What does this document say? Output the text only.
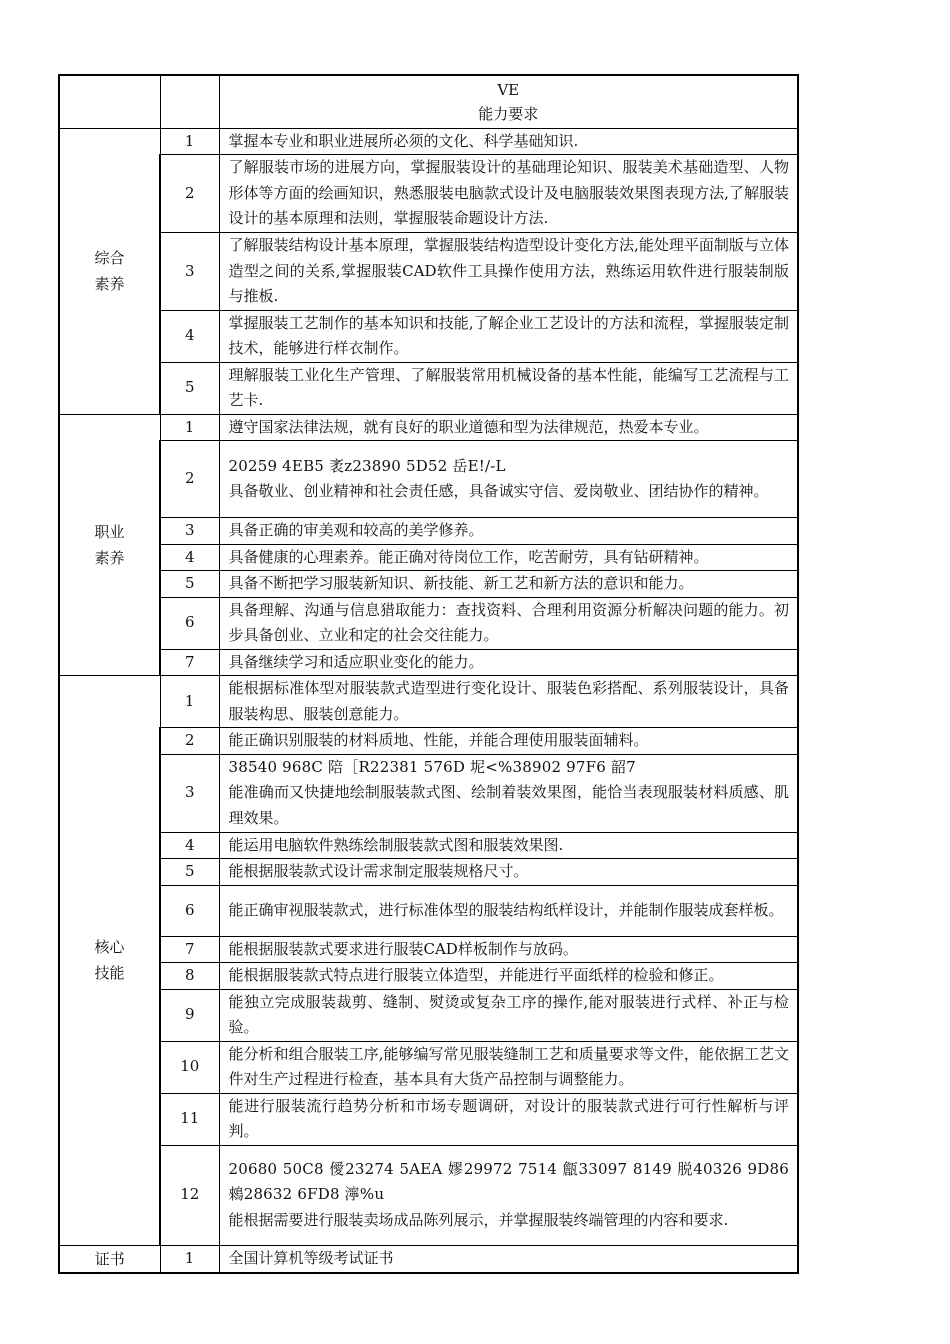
		VE
能力要求

综合
素养	1	掌握本专业和职业进展所必须的文化、科学基础知识.

	2	了解服装市场的进展方向，掌握服装设计的基础理论知识、服装美术基础造型、人物形体等方面的绘画知识，熟悉服装电脑款式设计及电脑服装效果图表现方法,了解服装设计的基本原理和法则，掌握服装命题设计方法.

	3	了解服装结构设计基本原理，掌握服装结构造型设计变化方法,能处理平面制版与立体造型之间的关系,掌握服装CAD软件工具操作使用方法，熟练运用软件进行服装制版与推板.

	4	掌握服装工艺制作的基本知识和技能,了解企业工艺设计的方法和流程，掌握服装定制技术，能够进行样衣制作。

	5	理解服装工业化生产管理、了解服装常用机械设备的基本性能，能编写工艺流程与工艺卡.

职业
素养	1	遵守国家法律法规，就有良好的职业道德和型为法律规范，热爱本专业。

	2	20259 4EB5 袤z23890 5D52 岳E!/-L
具备敬业、创业精神和社会责任感，具备诚实守信、爱岗敬业、团结协作的精神。

	3	具备正确的审美观和较高的美学修养。

	4	具备健康的心理素养。能正确对待岗位工作，吃苦耐劳，具有钻研精神。

	5	具备不断把学习服装新知识、新技能、新工艺和新方法的意识和能力。

	6	具备理解、沟通与信息猎取能力：查找资料、合理利用资源分析解决问题的能力。初步具备创业、立业和定的社会交往能力。

	7	具备继续学习和适应职业变化的能力。

核心
技能	1	能根据标准体型对服装款式造型进行变化设计、服装色彩搭配、系列服装设计，具备服装构思、服装创意能力。

	2	能正确识别服装的材料质地、性能，并能合理使用服装面辅料。

	3	38540 968C 陪［R22381 576D 坭<%38902 97F6 韶7
能准确而又快捷地绘制服装款式图、绘制着装效果图，能恰当表现服装材料质感、肌理效果。

	4	能运用电脑软件熟练绘制服装款式图和服装效果图.

	5	能根据服装款式设计需求制定服装规格尺寸。

	6	能正确审视服装款式，进行标准体型的服装结构纸样设计，并能制作服装成套样板。

	7	能根据服装款式要求进行服装CAD样板制作与放码。

	8	能根据服装款式特点进行服装立体造型，并能进行平面纸样的检验和修正。

	9	能独立完成服装裁剪、缝制、熨烫或复杂工序的操作,能对服装进行式样、补正与检验。

	10	能分析和组合服装工序,能够编写常见服装缝制工艺和质量要求等文件，能依据工艺文件对生产过程进行检查，基本具有大货产品控制与调整能力。

	11	能进行服装流行趋势分析和市场专题调研，对设计的服装款式进行可行性解析与评判。

	12	20680 50C8 僾23274 5AEA 嫪29972 7514 甔33097 8149 脱40326 9D86 鶆28632 6FD8 濘%u
能根据需要进行服装卖场成品陈列展示，并掌握服装终端管理的内容和要求.

证书	1	全国计算机等级考试证书
